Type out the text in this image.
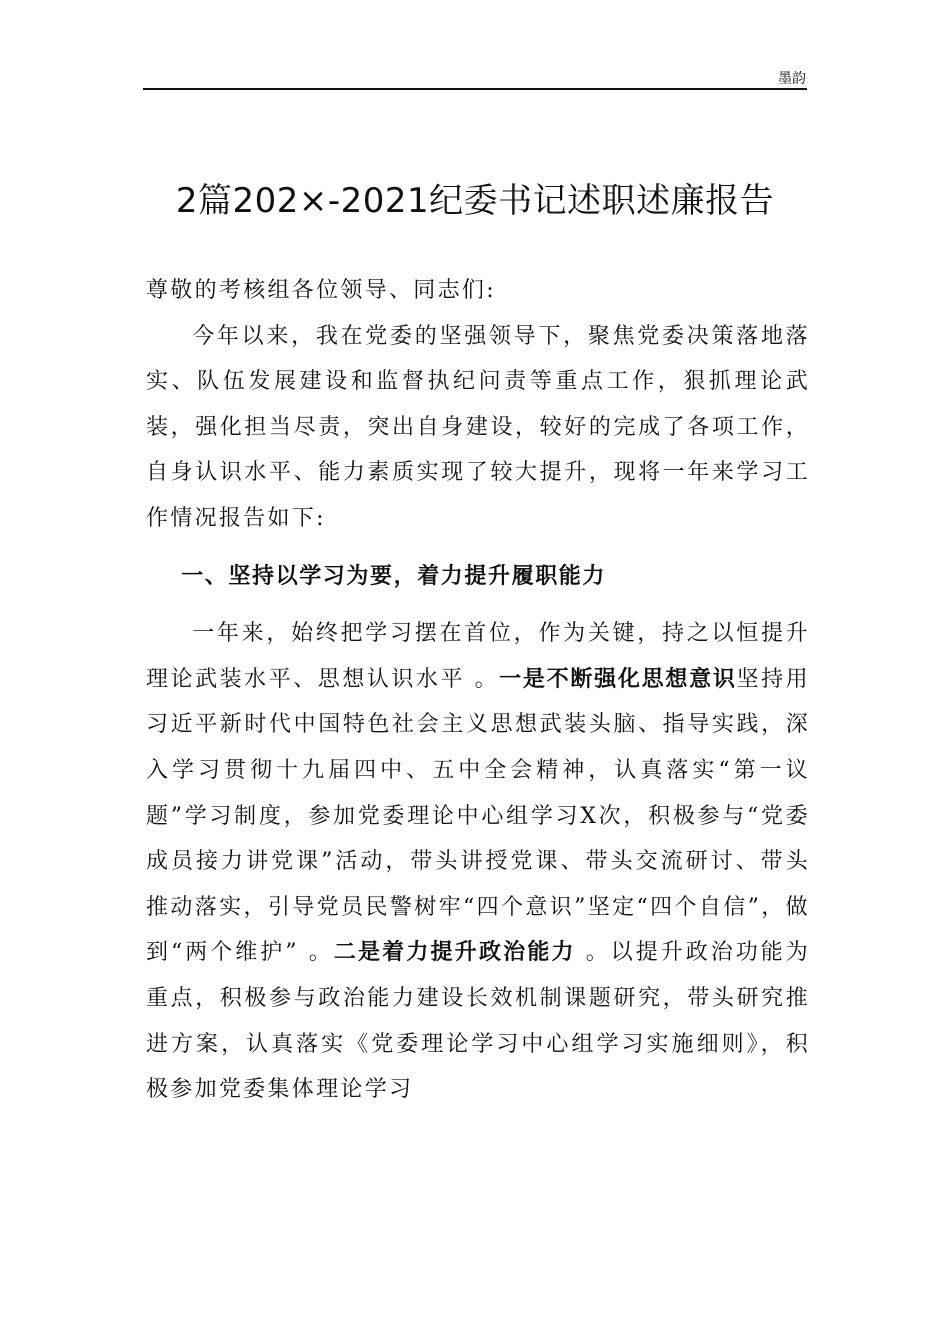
墨韵
2篇202×-2021纪委书记述职述廉报告

尊敬的考核组各位领导、同志们:

今年以来，我在党委的坚强领导下，聚焦党委决策落地落实、队伍发展建设和监督执纪问责等重点工作，狠抓理论武装，强化担当尽责，突出自身建设，较好的完成了各项工作，自身认识水平、能力素质实现了较大提升，现将一年来学习工作情况报告如下:

一、坚持以学习为要，着力提升履职能力

一年来，始终把学习摆在首位，作为关键，持之以恒提升理论武装水平、思想认识水平 。一是不断强化思想意识坚持用习近平新时代中国特色社会主义思想武装头脑、指导实践，深入学习贯彻十九届四中、五中全会精神，认真落实“第一议题”学习制度，参加党委理论中心组学习X次，积极参与“党委成员接力讲党课”活动，带头讲授党课、带头交流研讨、带头推动落实，引导党员民警树牢“四个意识”坚定“四个自信”，做到“两个维护” 。二是着力提升政治能力 。以提升政治功能为重点，积极参与政治能力建设长效机制课题研究，带头研究推进方案，认真落实《党委理论学习中心组学习实施细则》，积极参加党委集体理论学习
